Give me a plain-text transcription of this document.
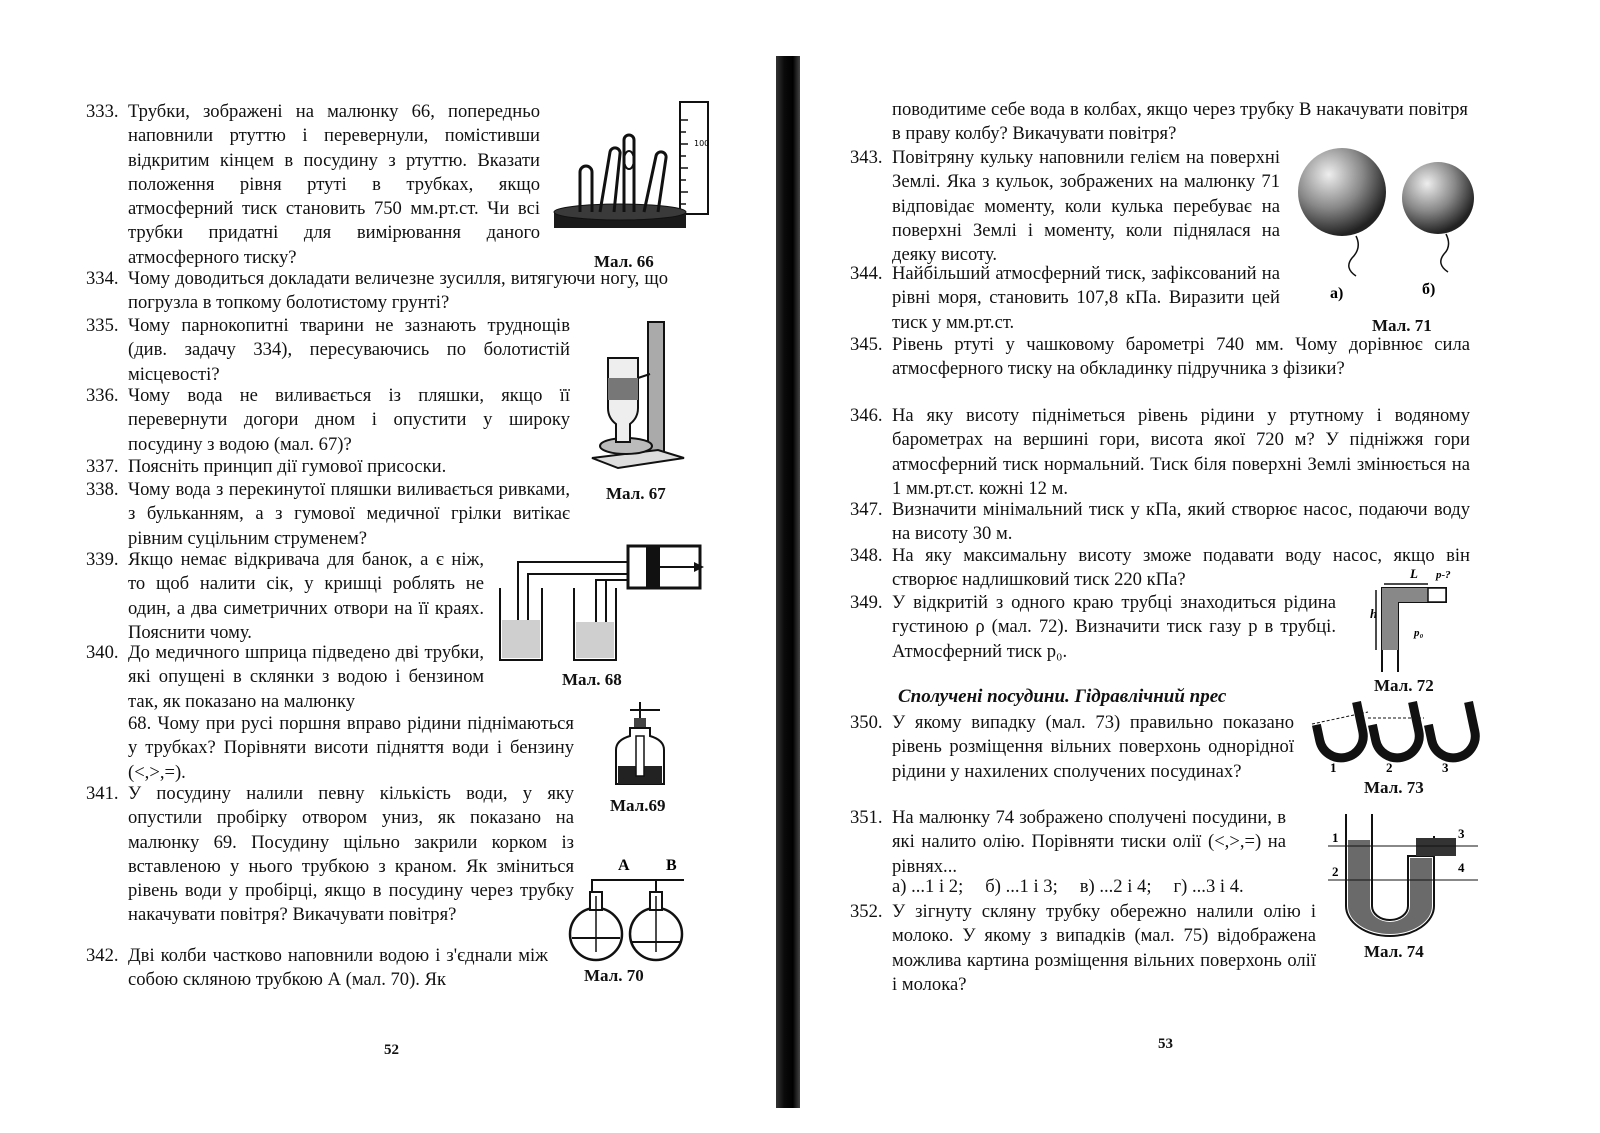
333. Трубки, зображені на малюнку 66, попередньо наповнили ртуттю і перевернули, помістивши відкритим кінцем в посудину з ртуттю. Вказати положення рівня ртуті в трубках, якщо атмосферний тиск становить 750 мм.рт.ст. Чи всі трубки придатні для вимірювання даного атмосферного тиску?
100
Мал. 66
334. Чому доводиться докладати величезне зусилля, витягуючи ногу, що погрузла в топкому болотистому грунті?
335. Чому парнокопитні тварини не зазнають труднощів (див. задачу 334), пересуваючись по болотистій місцевості?
336. Чому вода не виливається із пляшки, якщо її перевернути догори дном і опустити у широку посудину з водою (мал. 67)?
Мал. 67
337. Поясніть принцип дії гумової присоски.
338. Чому вода з перекинутої пляшки виливається ривками, з бульканням, а з гумової медичної грілки витікає рівним суцільним струменем?
339. Якщо немає відкривача для банок, а є ніж, то щоб налити сік, у кришці роблять не один, а два симетричних отвори на її краях. Пояснити чому.
Мал. 68
340. До медичного шприца підведено дві трубки, які опущені в склянки з водою і бензином так, як показано на малюнку
68. Чому при русі поршня вправо рідини піднімаються у трубках? Порівняти висоти підняття води і бензину (<,>,=).
Мал.69
341. У посудину налили певну кількість води, у яку опустили пробірку отвором униз, як показано на малюнку 69. Посудину щільно закрили корком із вставленою у нього трубкою з краном. Як зміниться рівень води у пробірці, якщо в посудину через трубку накачувати повітря? Викачувати повітря?
А В
Мал. 70
342. Дві колби частково наповнили водою і з'єднали між собою скляною трубкою А (мал. 70). Як
52
поводитиме себе вода в колбах, якщо через трубку В накачувати повітря в праву колбу? Викачувати повітря?
343. Повітряну кульку наповнили гелієм на поверхні Землі. Яка з кульок, зображених на малюнку 71 відповідає моменту, коли кулька перебуває на поверхні Землі і моменту, коли піднялася на деяку висоту.
а)	б)
Мал. 71
344. Найбільший атмосферний тиск, зафіксований на рівні моря, становить 107,8 кПа. Виразити цей тиск у мм.рт.ст.
345. Рівень ртуті у чашковому барометрі 740 мм. Чому дорівнює сила атмосферного тиску на обкладинку підручника з фізики?
346. На яку висоту підніметься рівень рідини у ртутному і водяному барометрах на вершині гори, висота якої 720 м? У підніжжя гори атмосферний тиск нормальний. Тиск біля поверхні Землі змінюється на 1 мм.рт.ст. кожні 12 м.
347. Визначити мінімальний тиск у кПа, який створює насос, подаючи воду на висоту 30 м.
348. На яку максимальну висоту зможе подавати воду насос, якщо він створює надлишковий тиск 220 кПа?
349. У відкритій з одного краю трубці знаходиться рідина густиною ρ (мал. 72). Визначити тиск газу p в трубці. Атмосферний тиск p₀.
L p-?
h
p₀
Мал. 72
Сполучені посудини. Гідравлічний прес
350. У якому випадку (мал. 73) правильно показано рівень розміщення вільних поверхонь однорідної рідини у нахилених сполучених посудинах?	1	2	3
Мал. 73
351. На малюнку 74 зображено сполучені посудини, в які налито олію. Порівняти тиски олії (<,>,=) на рівнях...
а) ...1 і 2; б) ...1 і 3; в) ...2 і 4; г) ...3 і 4.
1
2
3
4
Мал. 74
352. У зігнуту скляну трубку обережно налили олію і молоко. У якому з випадків (мал. 75) відображена можлива картина розміщення вільних поверхонь олії і молока?
53
